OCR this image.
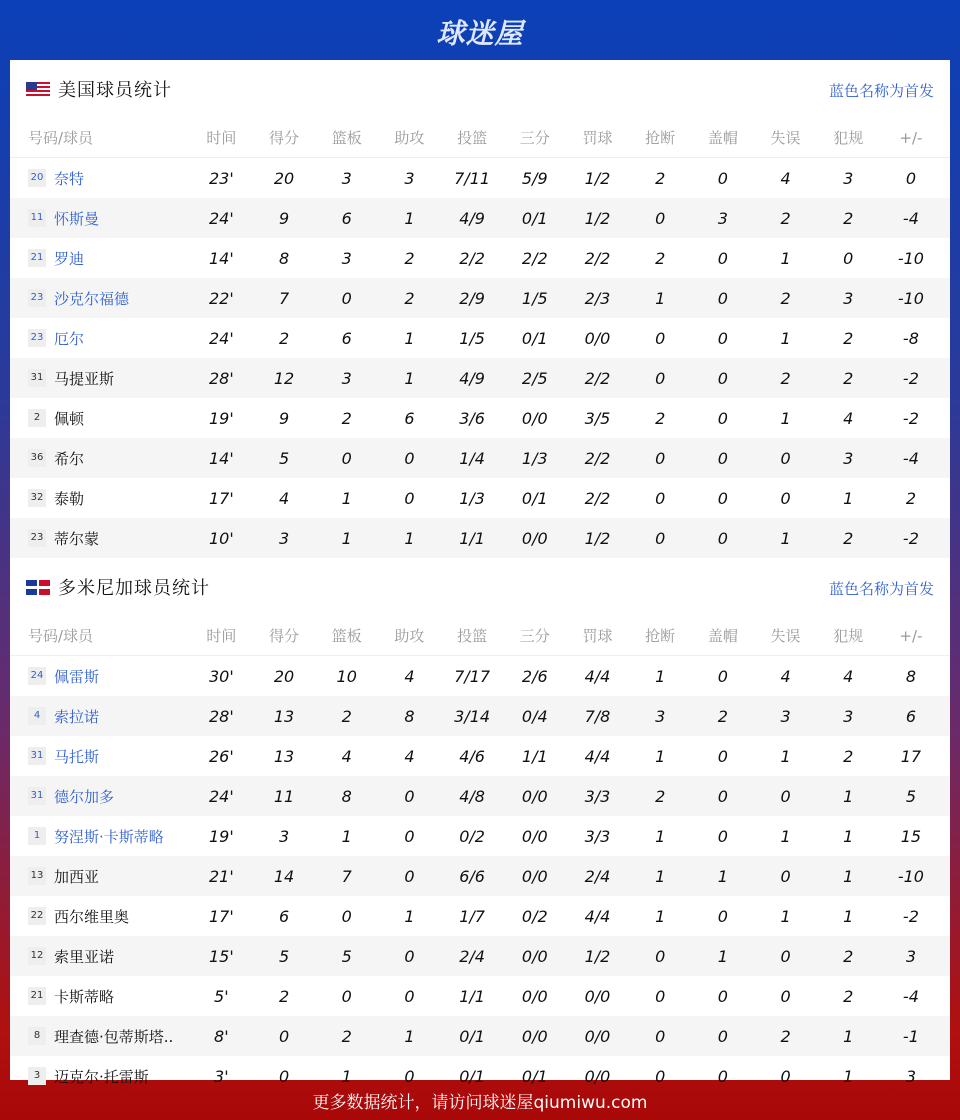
球迷屋
美国球员统计	蓝色名称为首发
号码/球员	时间	得分	篮板	助攻	投篮	三分	罚球	抢断	盖帽	失误	犯规	+/-
20 奈特	23'	20	3	3	7/11	5/9	1/2	2	0	4	3	0
11 怀斯曼	24'	9	6	1	4/9	0/1	1/2	0	3	2	2	-4
21 罗迪	14'	8	3	2	2/2	2/2	2/2	2	0	1	0	-10
23 沙克尔福德	22'	7	0	2	2/9	1/5	2/3	1	0	2	3	-10
23 厄尔	24'	2	6	1	1/5	0/1	0/0	0	0	1	2	-8
31 马提亚斯	28'	12	3	1	4/9	2/5	2/2	0	0	2	2	-2
2 佩顿	19'	9	2	6	3/6	0/0	3/5	2	0	1	4	-2
36 希尔	14'	5	0	0	1/4	1/3	2/2	0	0	0	3	-4
32 泰勒	17'	4	1	0	1/3	0/1	2/2	0	0	0	1	2
23 蒂尔蒙	10'	3	1	1	1/1	0/0	1/2	0	0	1	2	-2
多米尼加球员统计	蓝色名称为首发
号码/球员	时间	得分	篮板	助攻	投篮	三分	罚球	抢断	盖帽	失误	犯规	+/-
24 佩雷斯	30'	20	10	4	7/17	2/6	4/4	1	0	4	4	8
4 索拉诺	28'	13	2	8	3/14	0/4	7/8	3	2	3	3	6
31 马托斯	26'	13	4	4	4/6	1/1	4/4	1	0	1	2	17
31 德尔加多	24'	11	8	0	4/8	0/0	3/3	2	0	0	1	5
1 努涅斯·卡斯蒂略	19'	3	1	0	0/2	0/0	3/3	1	0	1	1	15
13 加西亚	21'	14	7	0	6/6	0/0	2/4	1	1	0	1	-10
22 西尔维里奥	17'	6	0	1	1/7	0/2	4/4	1	0	1	1	-2
12 索里亚诺	15'	5	5	0	2/4	0/0	1/2	0	1	0	2	3
21 卡斯蒂略	5'	2	0	0	1/1	0/0	0/0	0	0	0	2	-4
8 理查德·包蒂斯塔..	8'	0	2	1	0/1	0/0	0/0	0	0	2	1	-1
3 迈克尔·托雷斯	3'	0	1	0	0/1	0/1	0/0	0	0	0	1	3
更多数据统计，请访问球迷屋qiumiwu.com
